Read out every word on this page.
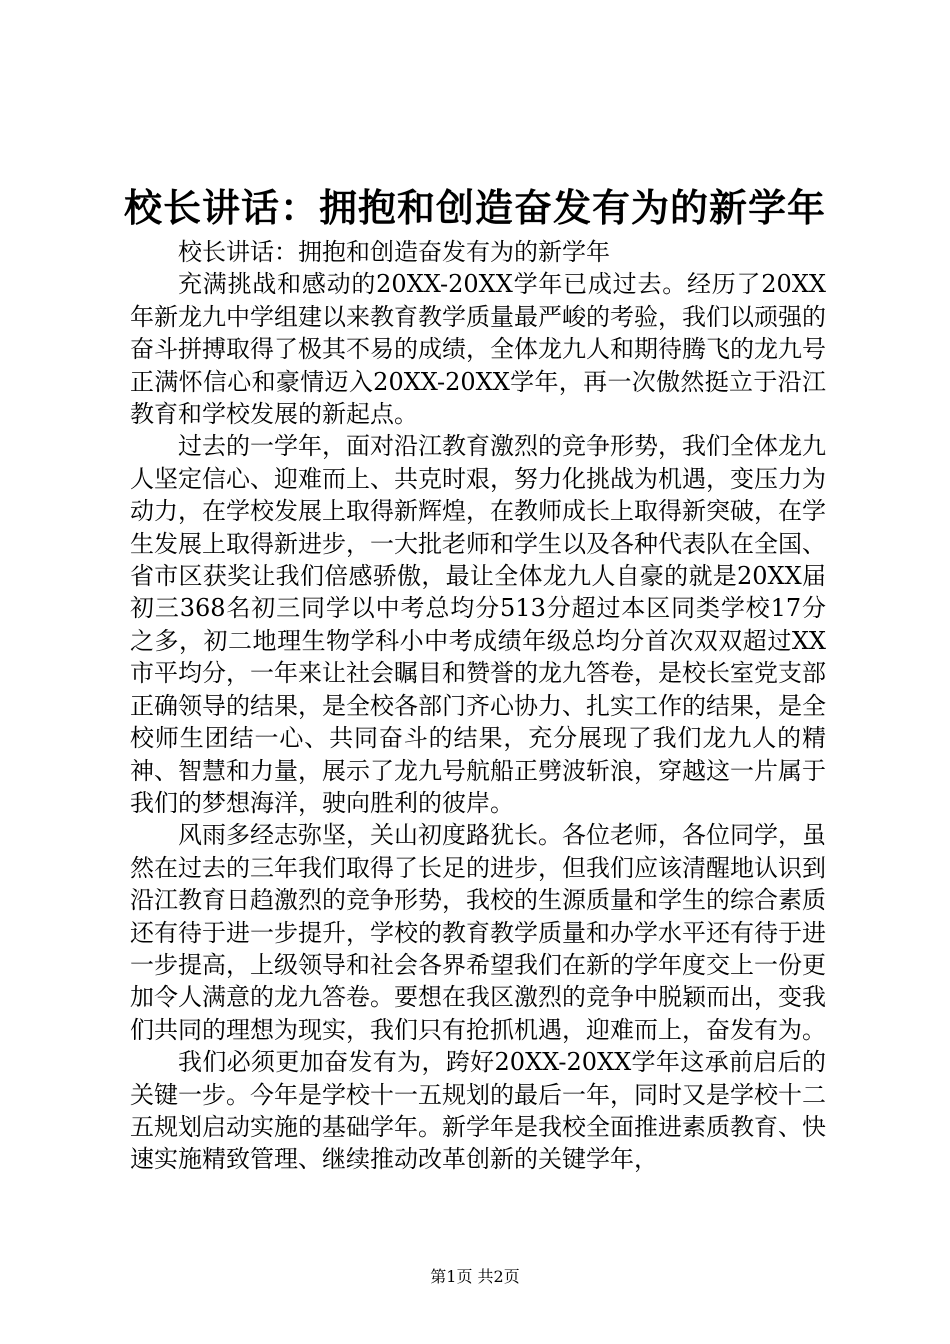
校长讲话：拥抱和创造奋发有为的新学年

校长讲话：拥抱和创造奋发有为的新学年

充满挑战和感动的20XX-20XX学年已成过去。经历了20XX年新龙九中学组建以来教育教学质量最严峻的考验，我们以顽强的奋斗拼搏取得了极其不易的成绩，全体龙九人和期待腾飞的龙九号正满怀信心和豪情迈入20XX-20XX学年，再一次傲然挺立于沿江教育和学校发展的新起点。

过去的一学年，面对沿江教育激烈的竞争形势，我们全体龙九人坚定信心、迎难而上、共克时艰，努力化挑战为机遇，变压力为动力，在学校发展上取得新辉煌，在教师成长上取得新突破，在学生发展上取得新进步，一大批老师和学生以及各种代表队在全国、省市区获奖让我们倍感骄傲，最让全体龙九人自豪的就是20XX届初三368名初三同学以中考总均分513分超过本区同类学校17分之多，初二地理生物学科小中考成绩年级总均分首次双双超过XX市平均分，一年来让社会瞩目和赞誉的龙九答卷，是校长室党支部正确领导的结果，是全校各部门齐心协力、扎实工作的结果，是全校师生团结一心、共同奋斗的结果，充分展现了我们龙九人的精神、智慧和力量，展示了龙九号航船正劈波斩浪，穿越这一片属于我们的梦想海洋，驶向胜利的彼岸。

风雨多经志弥坚，关山初度路犹长。各位老师，各位同学，虽然在过去的三年我们取得了长足的进步，但我们应该清醒地认识到沿江教育日趋激烈的竞争形势，我校的生源质量和学生的综合素质还有待于进一步提升，学校的教育教学质量和办学水平还有待于进一步提高，上级领导和社会各界希望我们在新的学年度交上一份更加令人满意的龙九答卷。要想在我区激烈的竞争中脱颖而出，变我们共同的理想为现实，我们只有抢抓机遇，迎难而上，奋发有为。

我们必须更加奋发有为，跨好20XX-20XX学年这承前启后的关键一步。今年是学校十一五规划的最后一年，同时又是学校十二五规划启动实施的基础学年。新学年是我校全面推进素质教育、快速实施精致管理、继续推动改革创新的关键学年，

第1页 共2页
